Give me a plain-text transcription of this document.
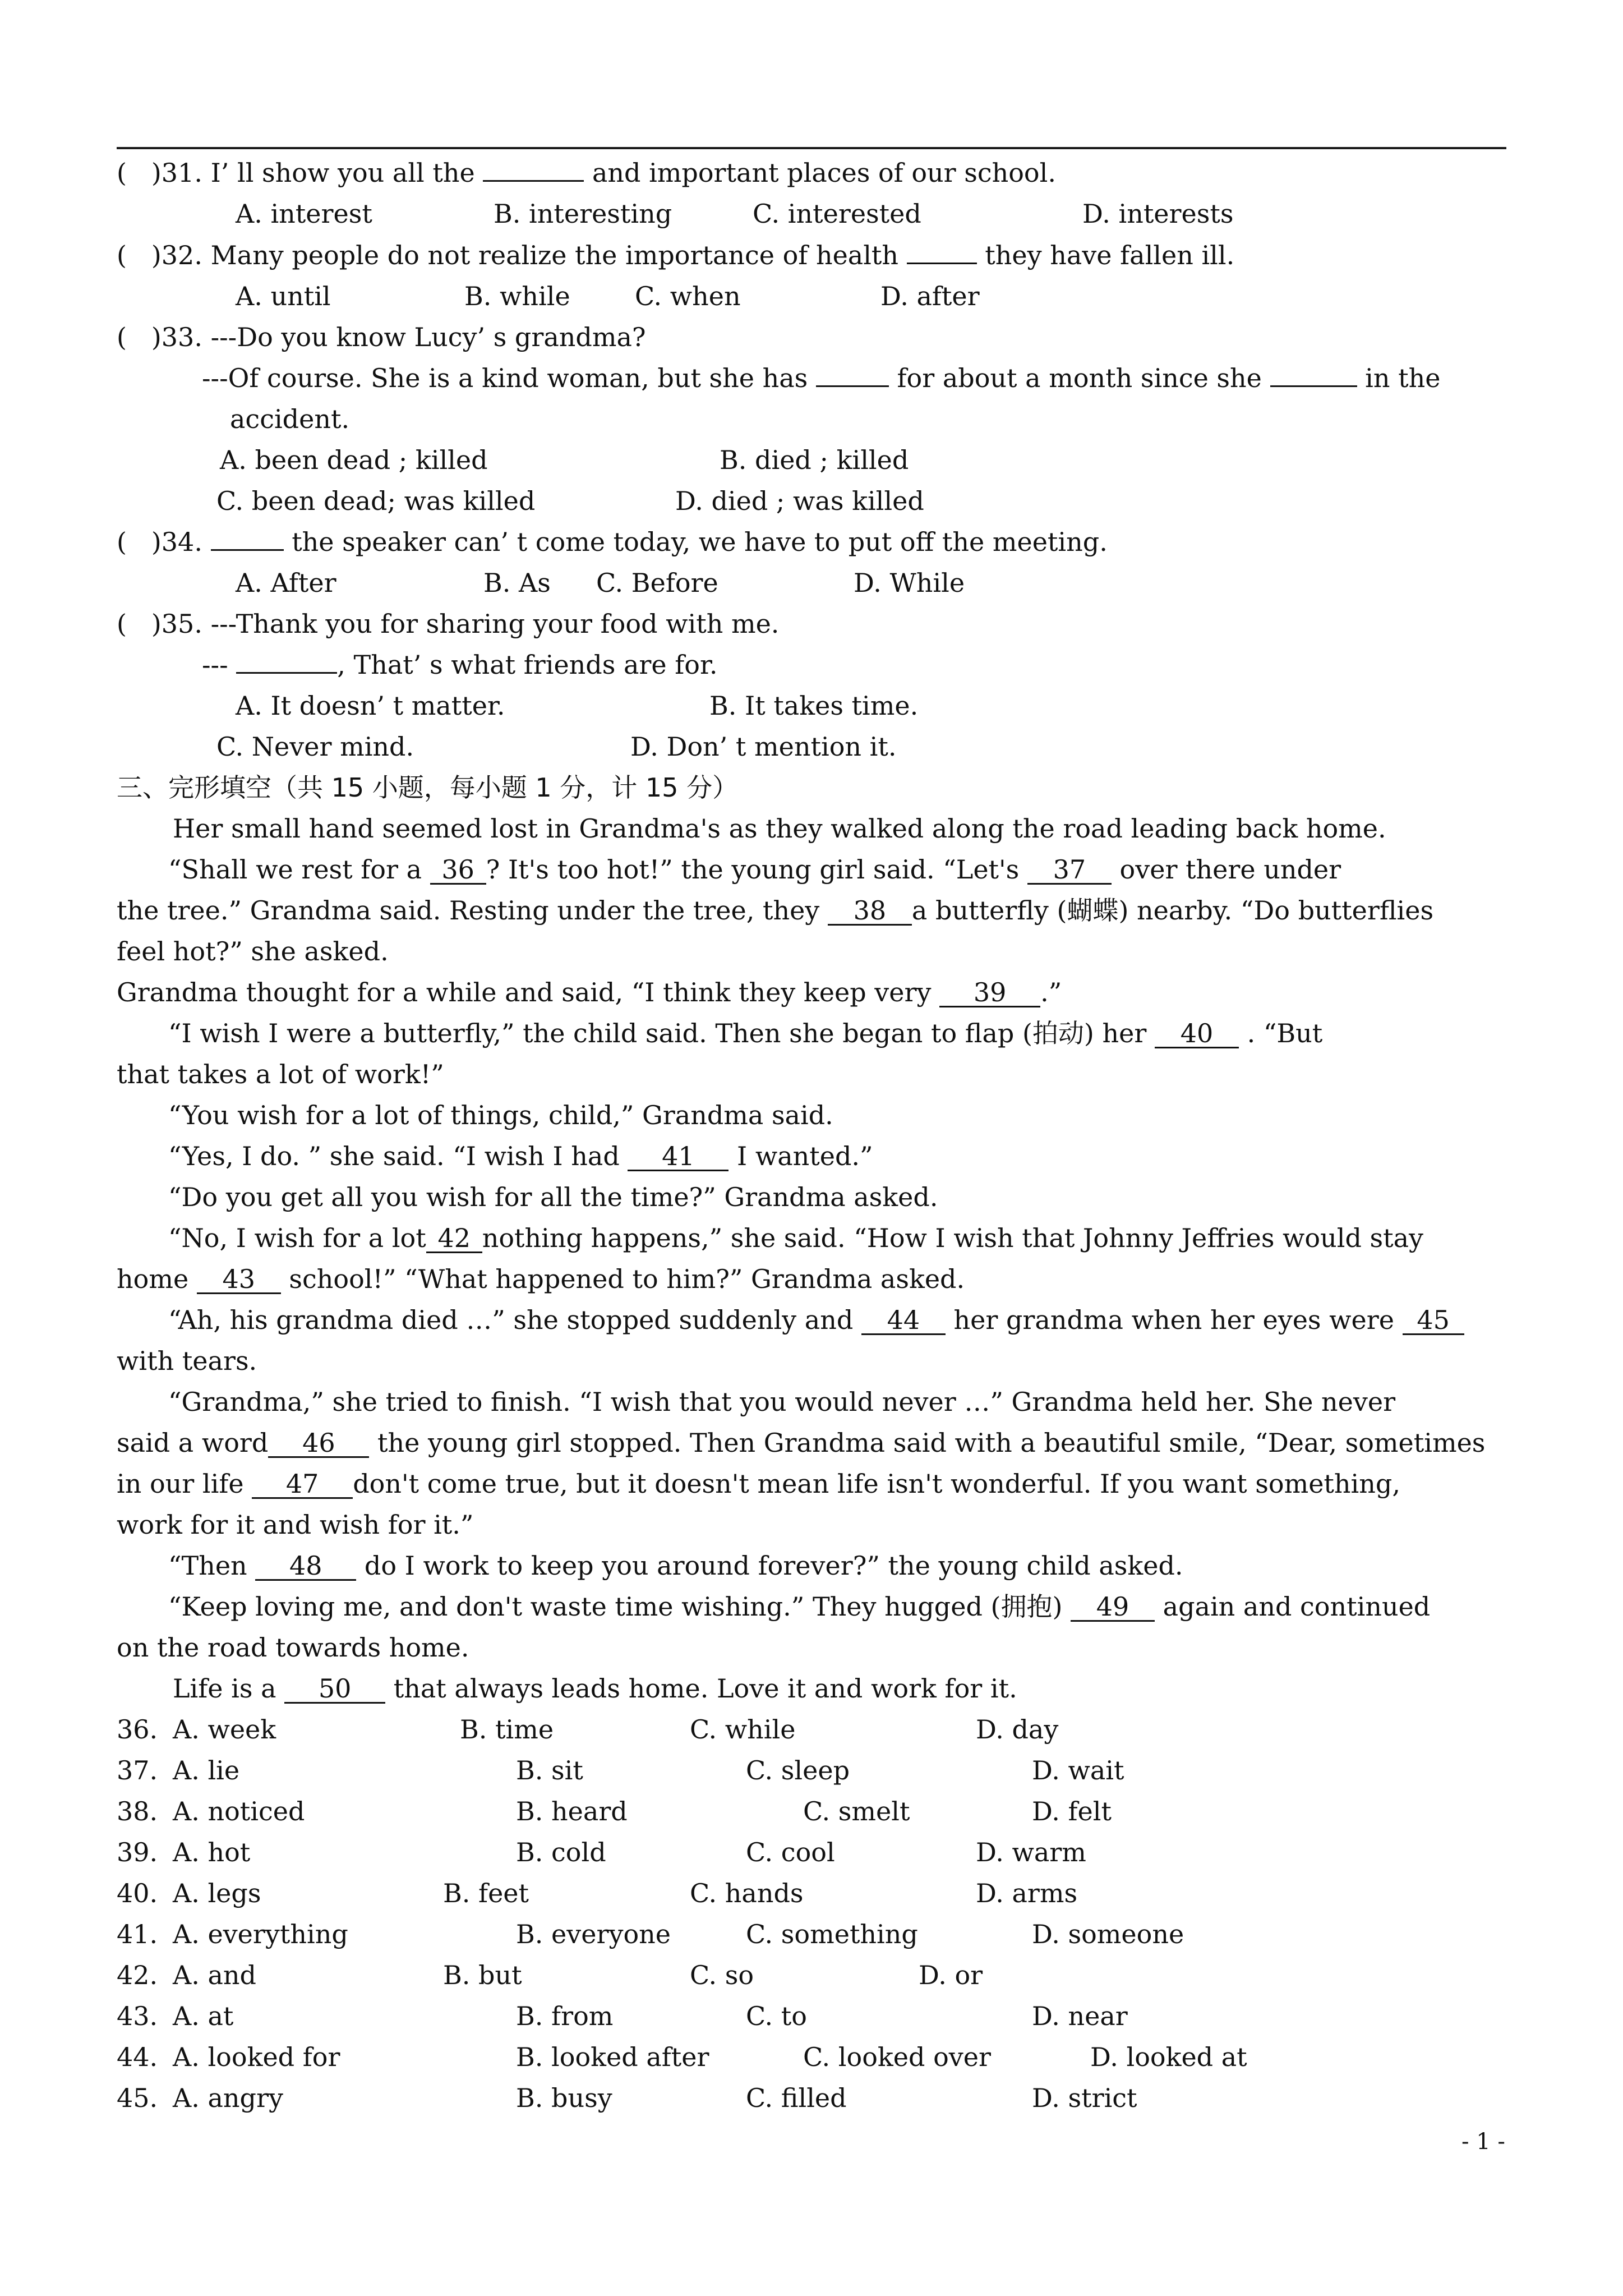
( )31. I’ ll show you all the	and important places of our school.
A. interest	B. interesting	C. interested	D. interests
( )32. Many people do not realize the importance of health	they have fallen ill.
A. until	B. while	C. when	D. after
( )33. ---Do you know Lucy’ s grandma?
---Of course. She is a kind woman, but she has	for about a month since she	in the
accident.
A. been dead ; killed	B. died ; killed
C. been dead; was killed	D. died ; was killed
( )34.	the speaker can’ t come today, we have to put off the meeting.
A. After	B. As C. Before	D. While
( )35. ---Thank you for sharing your food with me.
---	, That’ s what friends are for.
A. It doesn’ t matter.	B. It takes time.
C. Never mind.	D. Don’ t mention it.
三、完形填空（共 15 小题，每小题 1 分，计 15 分）
Her small hand seemed lost in Grandma's as they walked along the road leading back home.
“Shall we rest for a 36 ? It's too hot!” the young girl said. “Let's 37 over there under
the tree.” Grandma said. Resting under the tree, they 38 a butterfly (蝴蝶) nearby. “Do butterflies
feel hot?” she asked.
Grandma thought for a while and said, “I think they keep very 39 .”
“I wish I were a butterfly,” the child said. Then she began to flap (拍动) her 40 . “But
that takes a lot of work!”
“You wish for a lot of things, child,” Grandma said.
“Yes, I do. ” she said. “I wish I had 41 I wanted.”
“Do you get all you wish for all the time?” Grandma asked.
“No, I wish for a lot 42 nothing happens,” she said. “How I wish that Johnny Jeffries would stay
home 43 school!” “What happened to him?” Grandma asked.
“Ah, his grandma died …” she stopped suddenly and 44 her grandma when her eyes were 45
with tears.
“Grandma,” she tried to finish. “I wish that you would never …” Grandma held her. She never
said a word 46 the young girl stopped. Then Grandma said with a beautiful smile, “Dear, sometimes
in our life 47 don't come true, but it doesn't mean life isn't wonderful. If you want something,
work for it and wish for it.”
“Then 48 do I work to keep you around forever?” the young child asked.
“Keep loving me, and don't waste time wishing.” They hugged (拥抱) 49 again and continued
on the road towards home.
Life is a 50 that always leads home. Love it and work for it.
36. A. week	B. time	C. while	D. day
37. A. lie	B. sit	C. sleep	D. wait
38. A. noticed	B. heard	C. smelt	D. felt
39. A. hot	B. cold	C. cool	D. warm
40. A. legs	B. feet	C. hands	D. arms
41. A. everything	B. everyone	C. something	D. someone
42. A. and	B. but	C. so	D. or
43. A. at	B. from	C. to	D. near
44. A. looked for	B. looked after	C. looked over	D. looked at
45. A. angry	B. busy	C. filled	D. strict
- 1 -
